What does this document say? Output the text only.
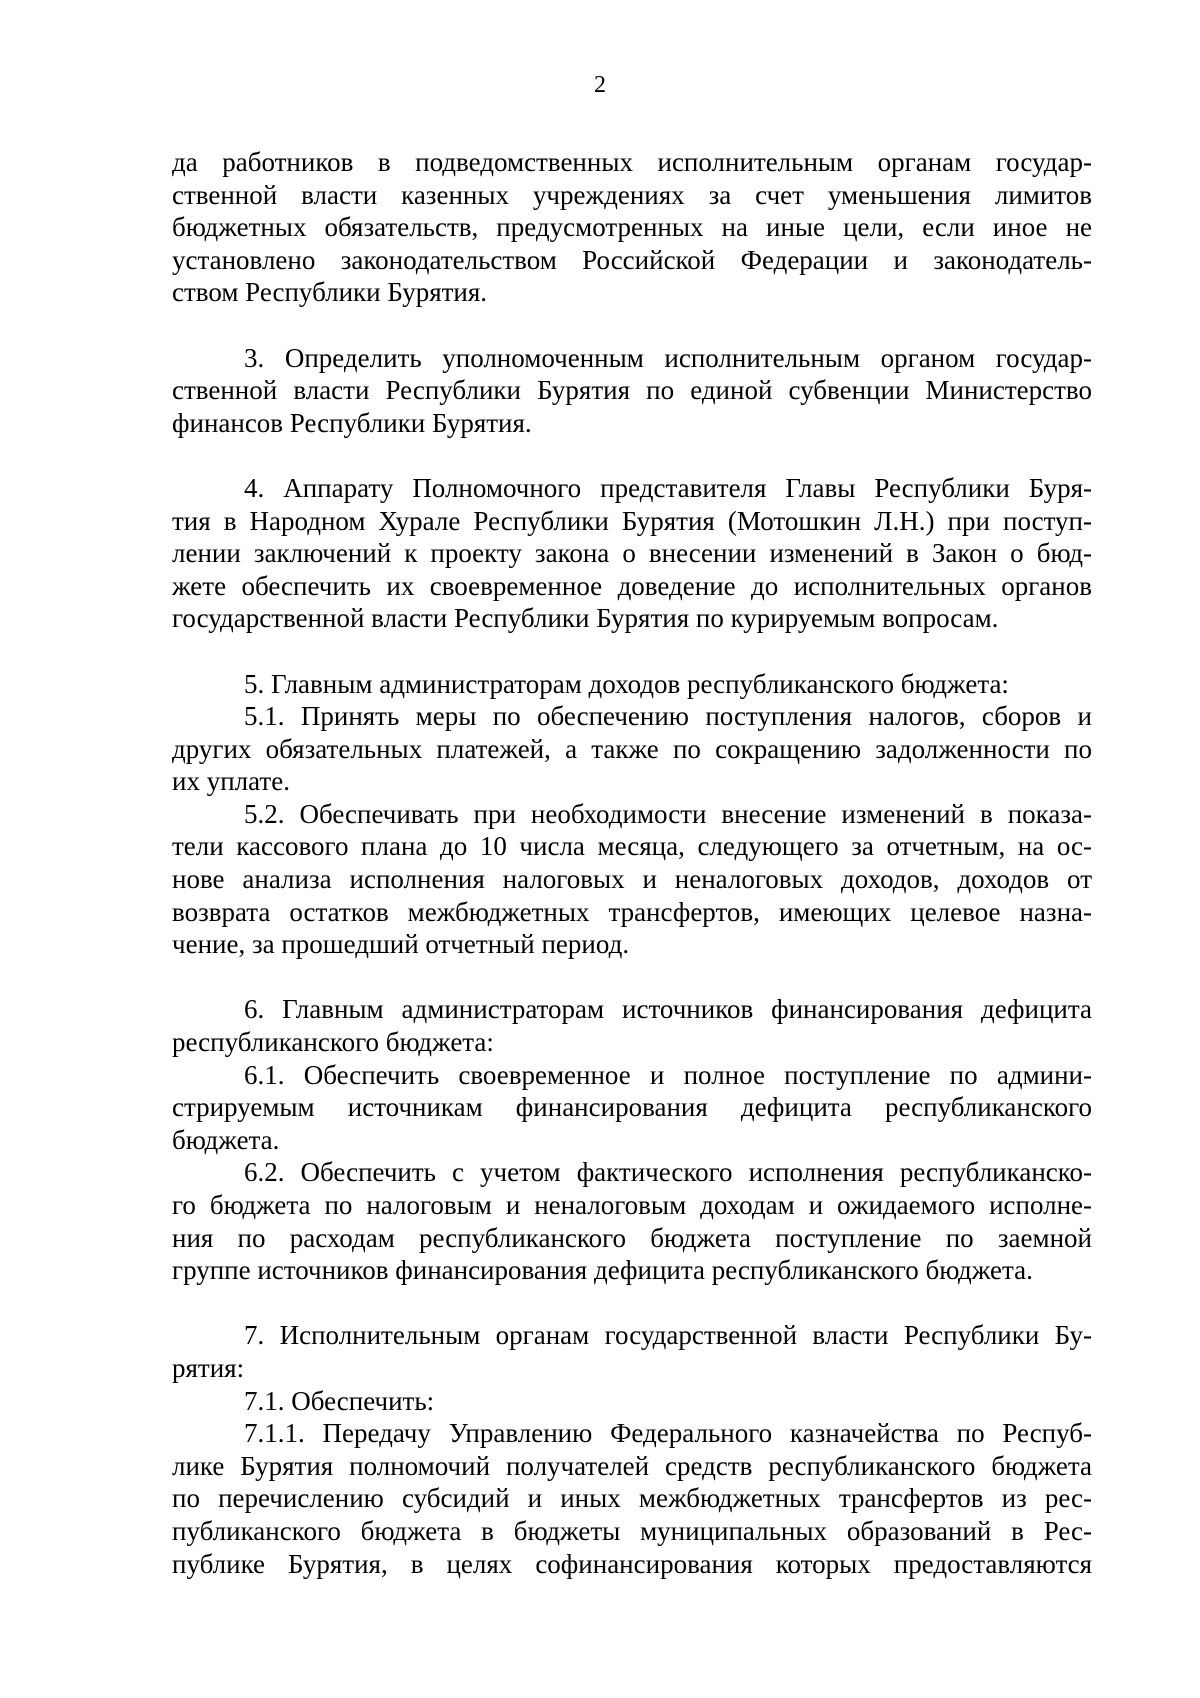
2
да работников в подведомственных исполнительным органам государ-
ственной власти казенных учреждениях за счет уменьшения лимитов
бюджетных обязательств, предусмотренных на иные цели, если иное не
установлено законодательством Российской Федерации и законодатель-
ством Республики Бурятия.
3. Определить уполномоченным исполнительным органом государ-
ственной власти Республики Бурятия по единой субвенции Министерство
финансов Республики Бурятия.
4. Аппарату Полномочного представителя Главы Республики Буря-
тия в Народном Хурале Республики Бурятия (Мотошкин Л.Н.) при поступ-
лении заключений к проекту закона о внесении изменений в Закон о бюд-
жете обеспечить их своевременное доведение до исполнительных органов
государственной власти Республики Бурятия по курируемым вопросам.
5. Главным администраторам доходов республиканского бюджета:
5.1. Принять меры по обеспечению поступления налогов, сборов и
других обязательных платежей, а также по сокращению задолженности по
их уплате.
5.2. Обеспечивать при необходимости внесение изменений в показа-
тели кассового плана до 10 числа месяца, следующего за отчетным, на ос-
нове анализа исполнения налоговых и неналоговых доходов, доходов от
возврата остатков межбюджетных трансфертов, имеющих целевое назна-
чение, за прошедший отчетный период.
6. Главным администраторам источников финансирования дефицита
республиканского бюджета:
6.1. Обеспечить своевременное и полное поступление по админи-
стрируемым источникам финансирования дефицита республиканского
бюджета.
6.2. Обеспечить с учетом фактического исполнения республиканско-
го бюджета по налоговым и неналоговым доходам и ожидаемого исполне-
ния по расходам республиканского бюджета поступление по заемной
группе источников финансирования дефицита республиканского бюджета.
7. Исполнительным органам государственной власти Республики Бу-
рятия:
7.1. Обеспечить:
7.1.1. Передачу Управлению Федерального казначейства по Респуб-
лике Бурятия полномочий получателей средств республиканского бюджета
по перечислению субсидий и иных межбюджетных трансфертов из рес-
публиканского бюджета в бюджеты муниципальных образований в Рес-
публике Бурятия, в целях софинансирования которых предоставляются
